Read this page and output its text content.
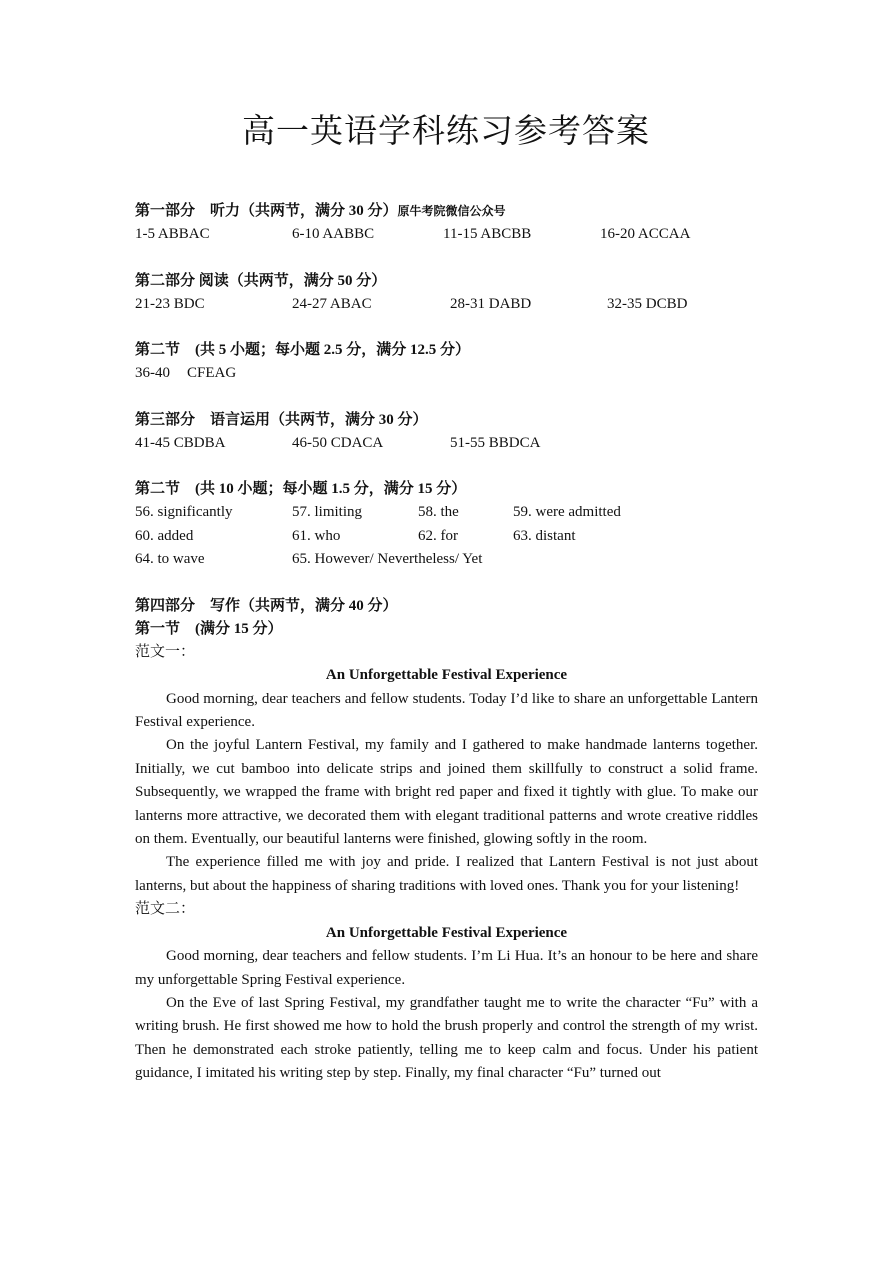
高一英语学科练习参考答案
第一部分　听力（共两节，满分 30 分）原牛考院微信公众号
1-5 ABBAC	6-10 AABBC	11-15 ABCBB	16-20 ACCAA
第二部分 阅读（共两节，满分 50 分）
21-23 BDC	24-27 ABAC	28-31 DABD	32-35 DCBD
第二节　(共 5 小题；每小题 2.5 分，满分 12.5 分）
36-40 CFEAG
第三部分　语言运用（共两节，满分 30 分）
41-45 CBDBA	46-50 CDACA	51-55 BBDCA
第二节　(共 10 小题；每小题 1.5 分，满分 15 分）
56. significantly	57. limiting	58. the	59. were admitted
60. added	61. who	62. for	63. distant
64. to wave	65. However/ Nevertheless/ Yet
第四部分　写作（共两节，满分 40 分）
第一节　(满分 15 分）
范文一：
An Unforgettable Festival Experience

Good morning, dear teachers and fellow students. Today I’d like to share an unforgettable Lantern Festival experience.

On the joyful Lantern Festival, my family and I gathered to make handmade lanterns together. Initially, we cut bamboo into delicate strips and joined them skillfully to construct a solid frame. Subsequently, we wrapped the frame with bright red paper and fixed it tightly with glue. To make our lanterns more attractive, we decorated them with elegant traditional patterns and wrote creative riddles on them. Eventually, our beautiful lanterns were finished, glowing softly in the room.

The experience filled me with joy and pride. I realized that Lantern Festival is not just about lanterns, but about the happiness of sharing traditions with loved ones. Thank you for your listening!

范文二：
An Unforgettable Festival Experience

Good morning, dear teachers and fellow students. I’m Li Hua. It’s an honour to be here and share my unforgettable Spring Festival experience.

On the Eve of last Spring Festival, my grandfather taught me to write the character “Fu” with a writing brush. He first showed me how to hold the brush properly and control the strength of my wrist. Then he demonstrated each stroke patiently, telling me to keep calm and focus. Under his patient guidance, I imitated his writing step by step. Finally, my final character “Fu” turned out
